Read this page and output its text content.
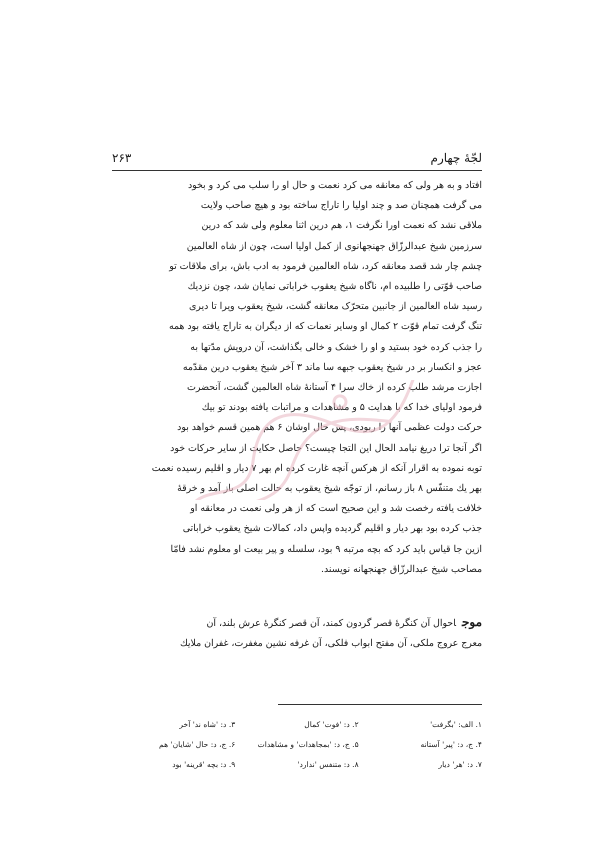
۲۶۳	لجّهٔ چهارم

افتاد و به هر ولی که معانقه می کرد نعمت و حال او را سلب می کرد و بخود

می گرفت همچنان صد و چند اولیا را تاراج ساخته بود و هیچ صاحب ولایت

ملاقی نشد که نعمت اورا نگرفت ۱، هم درین اثنا معلوم ولی شد که درین

سرزمین شیخ عبدالرزّاق جهنجهانوی از کمل اولیا است، چون از شاه العالمین

چشم چار شد قصد معانقه کرد، شاه العالمین فرمود به ادب باش، برای ملاقات تو

صاحب قوّتی را طلبیده ام، ناگاه شیخ یعقوب خراباتی نمایان شد، چون نزدیك

رسید شاه العالمین از جانبین متحرّک معانقه گشت، شیخ یعقوب ویرا تا دیری

تنگ گرفت تمام قوّت ۲ کمال او وسایر نعمات که از دیگران به تاراج یافته بود همه

را جذب کرده خود بستید و او را خشک و خالی بگذاشت، آن درویش مدّتها به

عجز و انکسار بر در شیخ یعقوب جبهه سا ماند ۳ آخر شیخ یعقوب درین مقدّمه

اجازت مرشد طلب کرده از خاك سرا ۴ آستانهٔ شاه العالمین گشت، آنحضرت

فرمود اولیای خدا که با هدایت ۵ و مشاهدات و مراتبات یافته بودند تو بیك

حرکت دولت عظمی آنها را ربودی، پس حال اوشان ۶ هم همین قسم خواهد بود

اگر آنجا ترا دریغ نیامد الحال این التجا چیست؟ حاصل حکایت از سایر حرکات خود

توبه نموده به اقرار آنکه از هرکس آنچه غارت کرده ام بهر ۷ دیار و اقلیم رسیده نعمت

بهر یك متنفّس ۸ باز رسانم، از توجّه شیخ یعقوب به حالت اصلی باز آمد و خرقهٔ

خلافت یافته رخصت شد و این صحیح است که از هر ولی نعمت در معانقه او

جذب کرده بود بهر دیار و اقلیم گردیده واپس داد، کمالات شیخ یعقوب خراباتی

ازین جا قیاس باید کرد که بچه مرتبه ۹ بود، سلسله و پیر بیعت او معلوم نشد فامّا

مصاحب شیخ عبدالرزّاق جهنجهانه نویسند.

موجاحوال آن کنگرهٔ قصر گردون کمند، آن قصر کنگرهٔ عرش بلند، آن

معرج عروج ملکی، آن مفتح ابواب فلکی، آن غرفه نشین مغفرت، غفران ملایك

۱. الف: 'بگرفت'
۲. د: 'فوت' کمال
۳. د: 'شاه ند' آخر
۴. ج، د: 'پیر' آستانه
۵. ج، د: 'بمجاهدات' و مشاهدات
۶. ج، د: حال 'شایان' هم
۷. د: 'هر' دیار
۸. د: متنفس 'ندارد'
۹. د: بچه 'قرینه' بود
